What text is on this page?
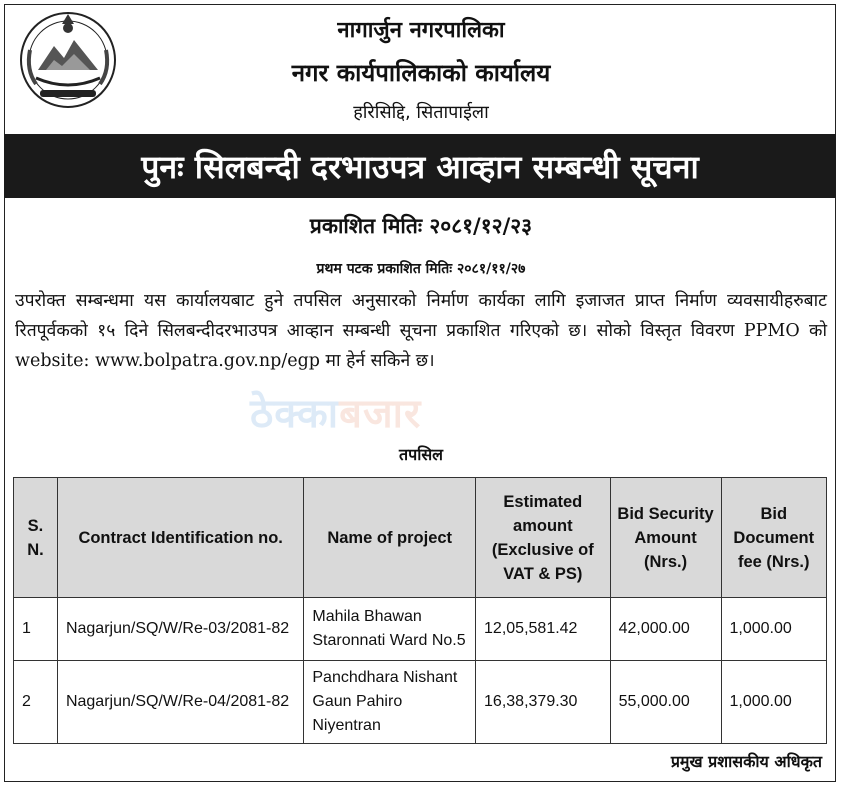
नागार्जुन नगरपालिका
नगर कार्यपालिकाको कार्यालय
हरिसिद्दि, सितापाईला
पुनः सिलबन्दी दरभाउपत्र आव्हान सम्बन्धी सूचना
प्रकाशित मितिः २०८१/१२/२३
प्रथम पटक प्रकाशित मितिः २०८१/११/२७
उपरोक्त सम्बन्धमा यस कार्यालयबाट हुने तपसिल अनुसारको निर्माण कार्यका लागि इजाजत प्राप्त निर्माण व्यवसायीहरुबाट रितपूर्वकको १५ दिने सिलबन्दीदरभाउपत्र आव्हान सम्बन्धी सूचना प्रकाशित गरिएको छ। सोको विस्तृत विवरण PPMO को website: www.bolpatra.gov.np/egp मा हेर्न सकिने छ।
ठेक्काबजार
तपसिल
S. N.	Contract Identification no.	Name of project	Estimated amount (Exclusive of VAT & PS)	Bid Security Amount (Nrs.)	Bid Document fee (Nrs.)
1	Nagarjun/SQ/W/Re-03/2081-82	Mahila Bhawan Staronnati Ward No.5	12,05,581.42	42,000.00	1,000.00
2	Nagarjun/SQ/W/Re-04/2081-82	Panchdhara Nishant Gaun Pahiro Niyentran	16,38,379.30	55,000.00	1,000.00
प्रमुख प्रशासकीय अधिकृत
